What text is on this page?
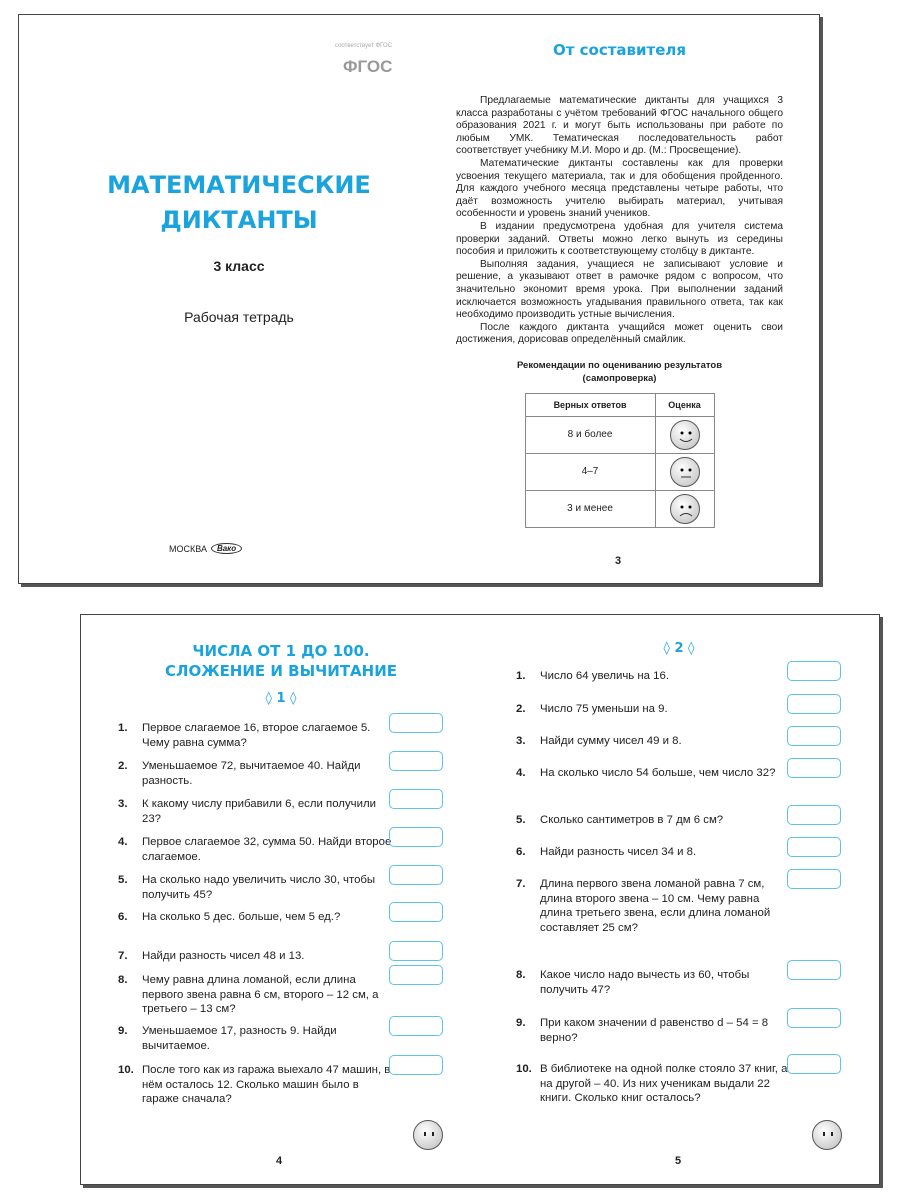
соответствует ФГОС
ФГОС
МАТЕМАТИЧЕСКИЕ
ДИКТАНТЫ
3 класс
Рабочая тетрадь
МОСКВА	Вако
От составителя

Предлагаемые математические диктанты для учащихся 3 класса разработаны с учётом требований ФГОС начального общего образования 2021 г. и могут быть использованы при работе по любым УМК. Тематическая последовательность работ соответствует учебнику М.И. Моро и др. (М.: Просвещение).

Математические диктанты составлены как для проверки усвоения текущего материала, так и для обобщения пройденного. Для каждого учебного месяца представлены четыре работы, что даёт возможность учителю выбирать материал, учитывая особенности и уровень знаний учеников.

В издании предусмотрена удобная для учителя система проверки заданий. Ответы можно легко вынуть из середины пособия и приложить к соответствующему столбцу в диктанте.

Выполняя задания, учащиеся не записывают условие и решение, а указывают ответ в рамочке рядом с вопросом, что значительно экономит время урока. При выполнении заданий исключается возможность угадывания правильного ответа, так как необходимо производить устные вычисления.

После каждого диктанта учащийся может оценить свои достижения, дорисовав определённый смайлик.

Рекомендации по оцениванию результатов
(самопроверка)
Верных ответов	Оценка
8 и более	

4–7	

3 и менее	
3
ЧИСЛА ОТ 1 ДО 100.
СЛОЖЕНИЕ И ВЫЧИТАНИЕ
◊ 1 ◊
1. Первое слагаемое 16, второе слагаемое 5. Чему равна сумма?
2. Уменьшаемое 72, вычитаемое 40. Найди разность.
3. К какому числу прибавили 6, если получили 23?
4. Первое слагаемое 32, сумма 50. Найди второе слагаемое.
5. На сколько надо увеличить число 30, чтобы получить 45?
6. На сколько 5 дес. больше, чем 5 ед.?
7. Найди разность чисел 48 и 13.
8. Чему равна длина ломаной, если длина первого звена равна 6 см, второго – 12 см, а третьего – 13 см?
9. Уменьшаемое 17, разность 9. Найди вычитаемое.
10. После того как из гаража выехало 47 машин, в нём осталось 12. Сколько машин было в гараже сначала?
◊ 2 ◊
1. Число 64 увеличь на 16.
2. Число 75 уменьши на 9.
3. Найди сумму чисел 49 и 8.
4. На сколько число 54 больше, чем число 32?
5. Сколько сантиметров в 7 дм 6 см?
6. Найди разность чисел 34 и 8.
7. Длина первого звена ломаной равна 7 см, длина второго звена – 10 см. Чему равна длина третьего звена, если длина ломаной составляет 25 см?
8. Какое число надо вычесть из 60, чтобы получить 47?
9. При каком значении d равенство d – 54 = 8 верно?
10. В библиотеке на одной полке стояло 37 книг, а на другой – 40. Из них ученикам выдали 22 книги. Сколько книг осталось?
4	5
